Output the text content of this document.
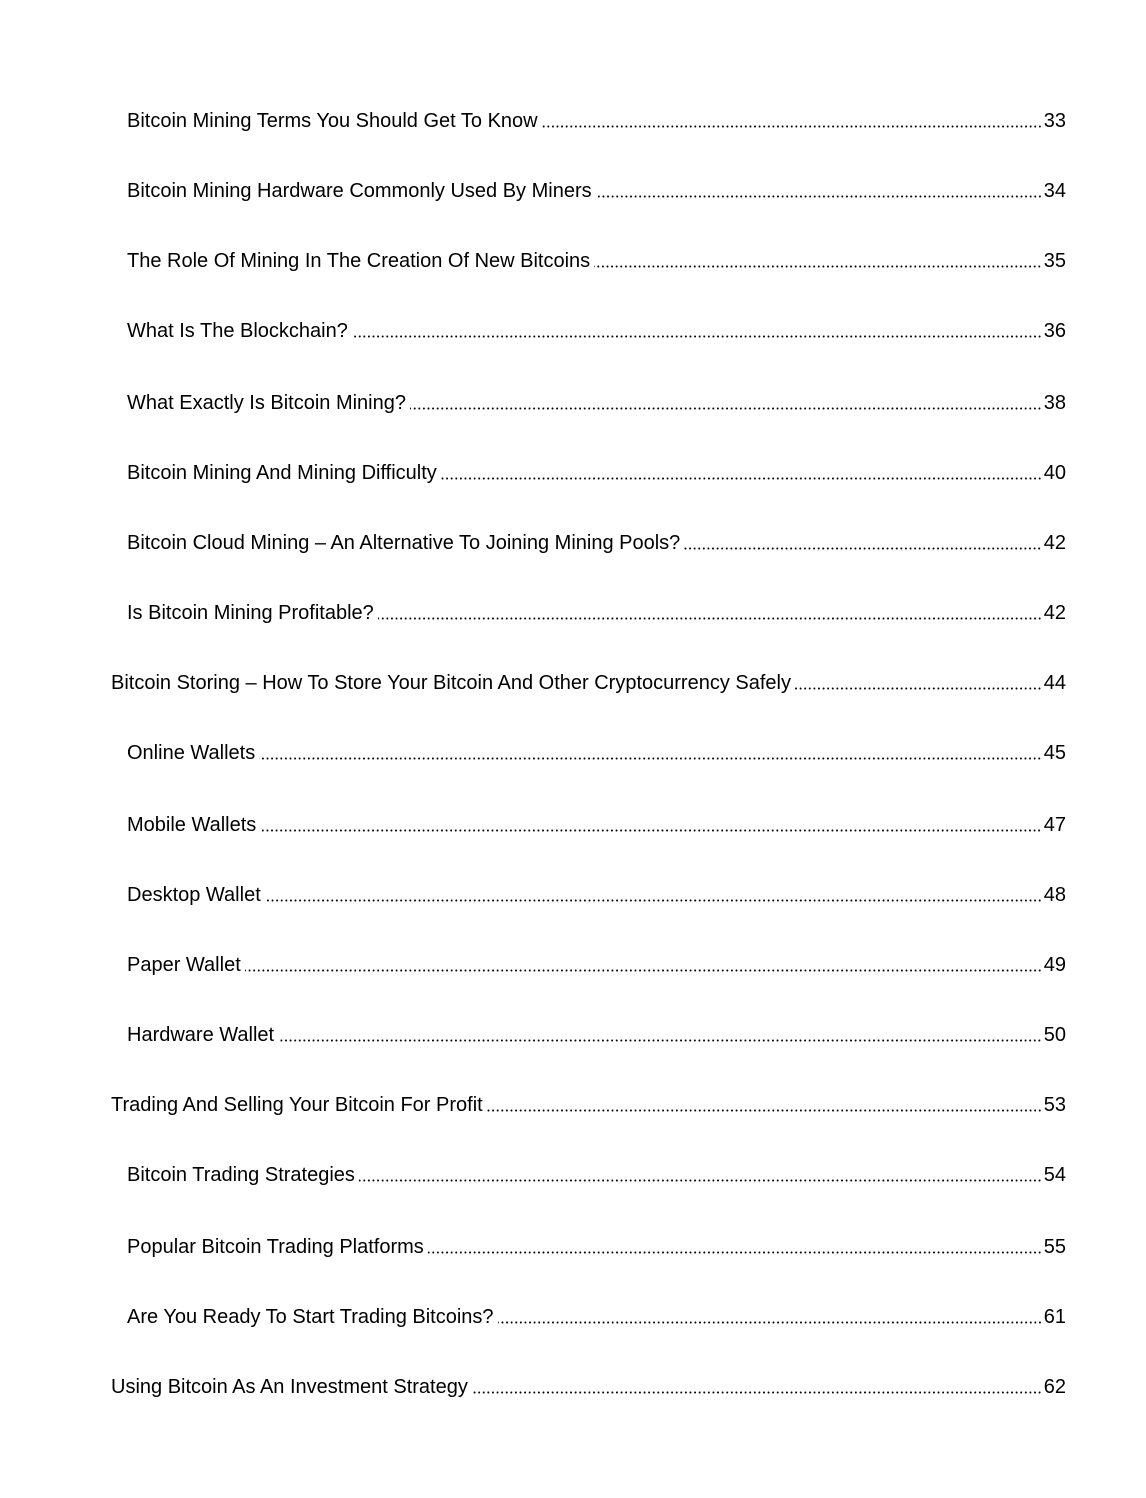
Bitcoin Mining Terms You Should Get To Know	33
Bitcoin Mining Hardware Commonly Used By Miners	34
The Role Of Mining In The Creation Of New Bitcoins	35
What Is The Blockchain?	36
What Exactly Is Bitcoin Mining?	38
Bitcoin Mining And Mining Difficulty	40
Bitcoin Cloud Mining – An Alternative To Joining Mining Pools?	42
Is Bitcoin Mining Profitable?	42
Bitcoin Storing – How To Store Your Bitcoin And Other Cryptocurrency Safely	44
Online Wallets	45
Mobile Wallets	47
Desktop Wallet	48
Paper Wallet	49
Hardware Wallet	50
Trading And Selling Your Bitcoin For Profit	53
Bitcoin Trading Strategies	54
Popular Bitcoin Trading Platforms	55
Are You Ready To Start Trading Bitcoins?	61
Using Bitcoin As An Investment Strategy	62
